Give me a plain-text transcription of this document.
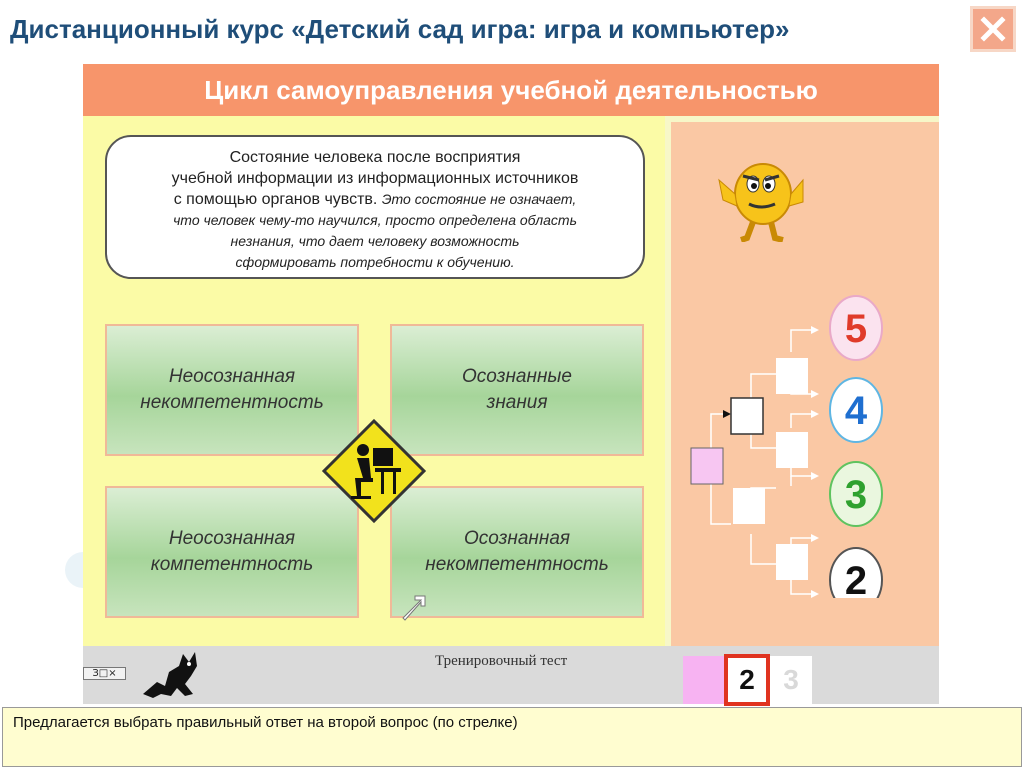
Дистанционный курс «Детский сад игра: игра и компьютер»
Цикл самоуправления учебной деятельностью
Состояние человека после восприятия
учебной информации из информационных источников
с помощью органов чувств. Это состояние не означает,
что человек чему-то научился, просто определена область
незнания, что дает человеку возможность
сформировать потребности к обучению.
Неосознанная некомпетентность
Осознанные знания
Неосознанная компетентность
Осознанная некомпетентность
5
4
3
2
Тренировочный тест
З□×	2	3
Предлагается выбрать правильный ответ на второй вопрос (по стрелке)
